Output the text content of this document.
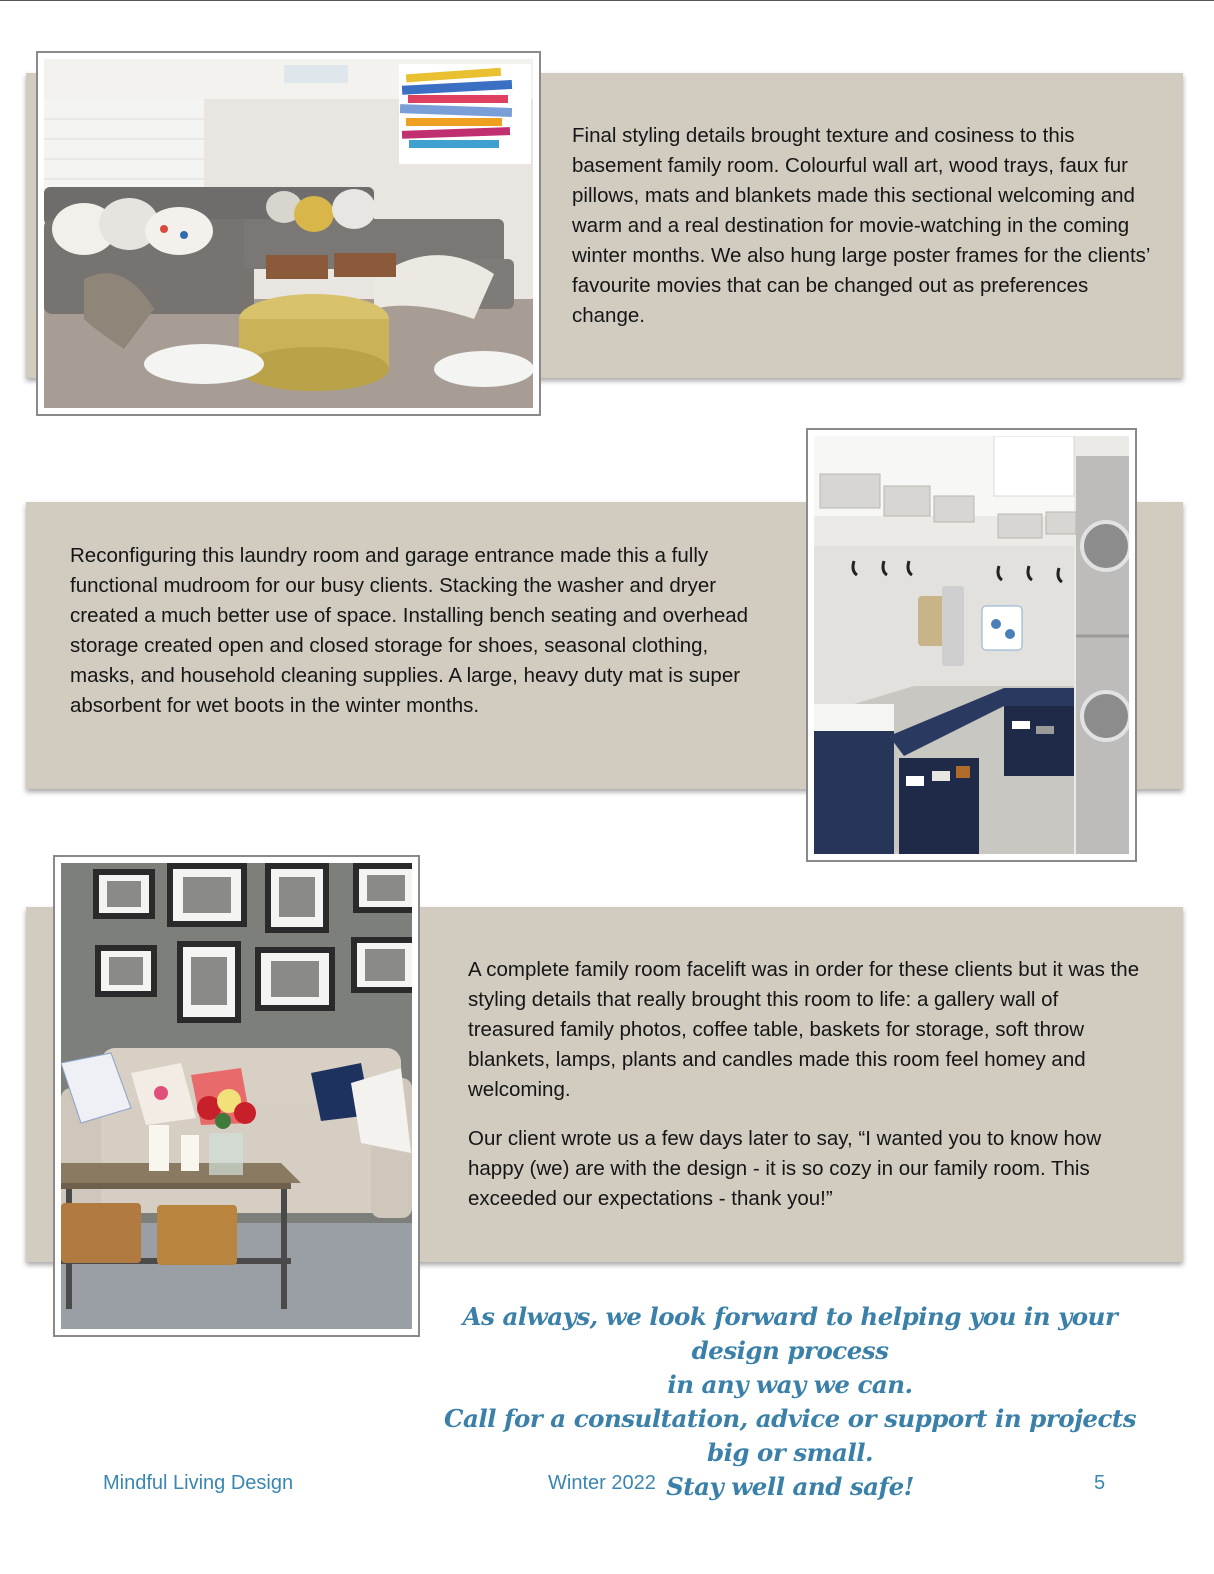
Final styling details brought texture and cosiness to this basement family room. Colourful wall art, wood trays, faux fur pillows, mats and blankets made this sectional welcoming and warm and a real destination for movie-watching in the coming winter months. We also hung large poster frames for the clients’ favourite movies that can be changed out as preferences change.

Reconfiguring this laundry room and garage entrance made this a fully functional mudroom for our busy clients. Stacking the washer and dryer created a much better use of space. Installing bench seating and overhead storage created open and closed storage for shoes, seasonal clothing, masks, and household cleaning supplies. A large, heavy duty mat is super absorbent for wet boots in the winter months.

A complete family room facelift was in order for these clients but it was the styling details that really brought this room to life: a gallery wall of treasured family photos, coffee table, baskets for storage, soft throw blankets, lamps, plants and candles made this room feel homey and welcoming.

Our client wrote us a few days later to say, “I wanted you to know how happy (we) are with the design - it is so cozy in our family room. This exceeded our expectations - thank you!”

As always, we look forward to helping you in your design process
in any way we can.
Call for a consultation, advice or support in projects big or small.
Stay well and safe!

Mindful Living Design	Winter 2022	5
